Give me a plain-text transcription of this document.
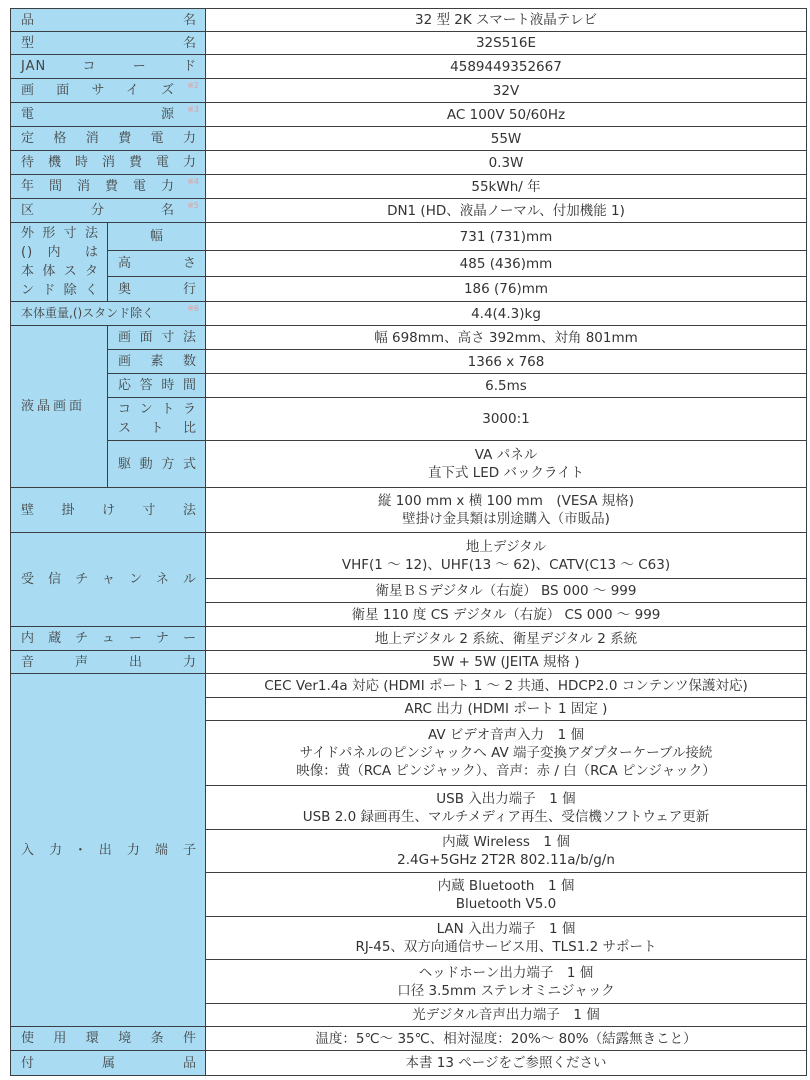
品　　　　　名
型　　　　　名
JANコード
画面サイズ ※2
電　　　源 ※3
定格消費電力
待機時消費電力
年間消費電力 ※4
区　分　名 ※5
外形寸法
() 内 は
本体スタ
ンド除く
本体重量,()スタンド除く	※6
液晶画面
壁掛け寸法
受信チャンネル
内蔵チューナー
音　声　出　力
入力･出力端子
使用環境条件
付　　属　　品
　　幅　　
高　　さ
奥　　行
画面寸法
画素数
応答時間
コントラ
スト比
駆動方式
32 型 2K スマート液晶テレビ
32S516E
4589449352667
32V
AC 100V 50/60Hz
55W
0.3W
55kWh/ 年
DN1 (HD、液晶ノーマル、付加機能 1)
731 (731)mm
485 (436)mm
186 (76)mm
4.4(4.3)kg
幅 698mm、高さ 392mm、対角 801mm
1366 x 768
6.5ms
3000:1
VA パネル
直下式 LED バックライト
縦 100 mm x 横 100 mm　(VESA 規格)
壁掛け金具類は別途購入（市販品)
地上デジタル
VHF(1 ～ 12)、UHF(13 ～ 62)、CATV(C13 ～ C63)
衛星ＢＳデジタル（右旋） BS 000 ～ 999
衛星 110 度 CS デジタル（右旋） CS 000 ～ 999
地上デジタル 2 系統、衛星デジタル 2 系統
5W + 5W (JEITA 規格 )
CEC Ver1.4a 対応 (HDMI ポート 1 ～ 2 共通、HDCP2.0 コンテンツ保護対応)
ARC 出力 (HDMI ポート 1 固定 )
AV ビデオ音声入力　1 個
サイドパネルのピンジャックへ AV 端子変換アダプターケーブル接続
映像：黄（RCA ピンジャック）、音声：赤 / 白（RCA ピンジャック）
USB 入出力端子　1 個
USB 2.0 録画再生、マルチメディア再生、受信機ソフトウェア更新
内蔵 Wireless　1 個
2.4G+5GHz 2T2R 802.11a/b/g/n
内蔵 Bluetooth　1 個
Bluetooth V5.0
LAN 入出力端子　1 個
RJ-45、双方向通信サービス用、TLS1.2 サポート
ヘッドホーン出力端子　1 個
口径 3.5mm ステレオミニジャック
光デジタル音声出力端子　1 個
温度：5℃～ 35℃、相対湿度：20%～ 80%（結露無きこと）
本書 13 ページをご参照ください
